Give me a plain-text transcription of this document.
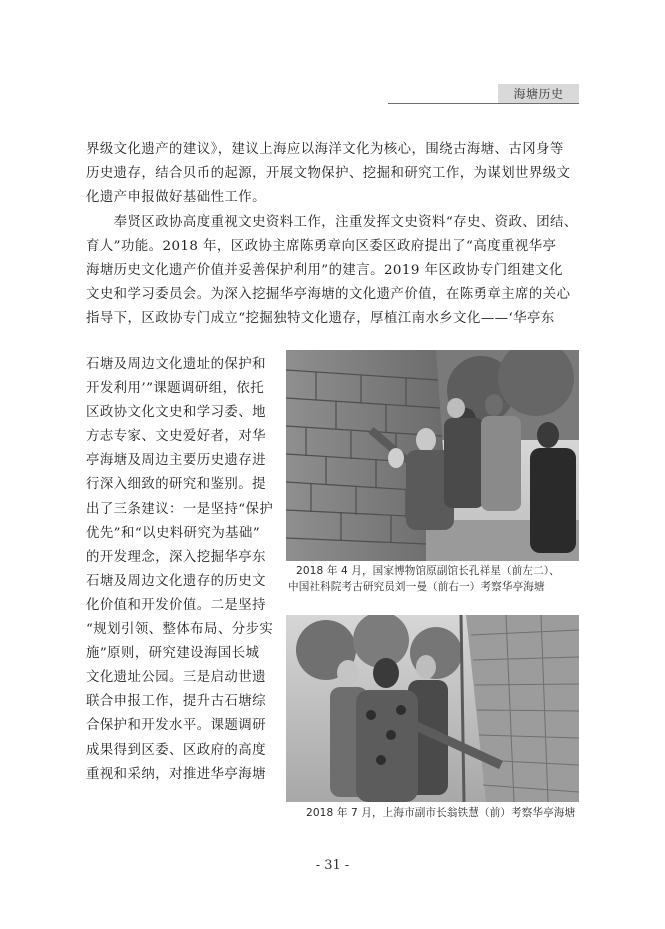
海塘历史
界级文化遗产的建议》，建议上海应以海洋文化为核心，围绕古海塘、古冈身等
历史遗存，结合贝币的起源，开展文物保护、挖掘和研究工作，为谋划世界级文
化遗产申报做好基础性工作。
　　奉贤区政协高度重视文史资料工作，注重发挥文史资料“存史、资政、团结、
育人”功能。2018 年，区政协主席陈勇章向区委区政府提出了“高度重视华亭
海塘历史文化遗产价值并妥善保护利用”的建言。2019 年区政协专门组建文化
文史和学习委员会。为深入挖掘华亭海塘的文化遗产价值，在陈勇章主席的关心
指导下，区政协专门成立“挖掘独特文化遗存，厚植江南水乡文化——‘华亭东
石塘及周边文化遗址的保护和
开发利用’”课题调研组，依托
区政协文化文史和学习委、地
方志专家、文史爱好者，对华
亭海塘及周边主要历史遗存进
行深入细致的研究和鉴别。提
出了三条建议：一是坚持“保护
优先”和“以史料研究为基础”
的开发理念，深入挖掘华亭东
石塘及周边文化遗存的历史文
化价值和开发价值。二是坚持
“规划引领、整体布局、分步实
施”原则，研究建设海国长城
文化遗址公园。三是启动世遗
联合申报工作，提升古石塘综
合保护和开发水平。课题调研
成果得到区委、区政府的高度
重视和采纳，对推进华亭海塘
2018 年 4 月，国家博物馆原副馆长孔祥星（前左二）、
中国社科院考古研究员刘一曼（前右一）考察华亭海塘
2018 年 7 月，上海市副市长翁铁慧（前）考察华亭海塘
- 31 -
